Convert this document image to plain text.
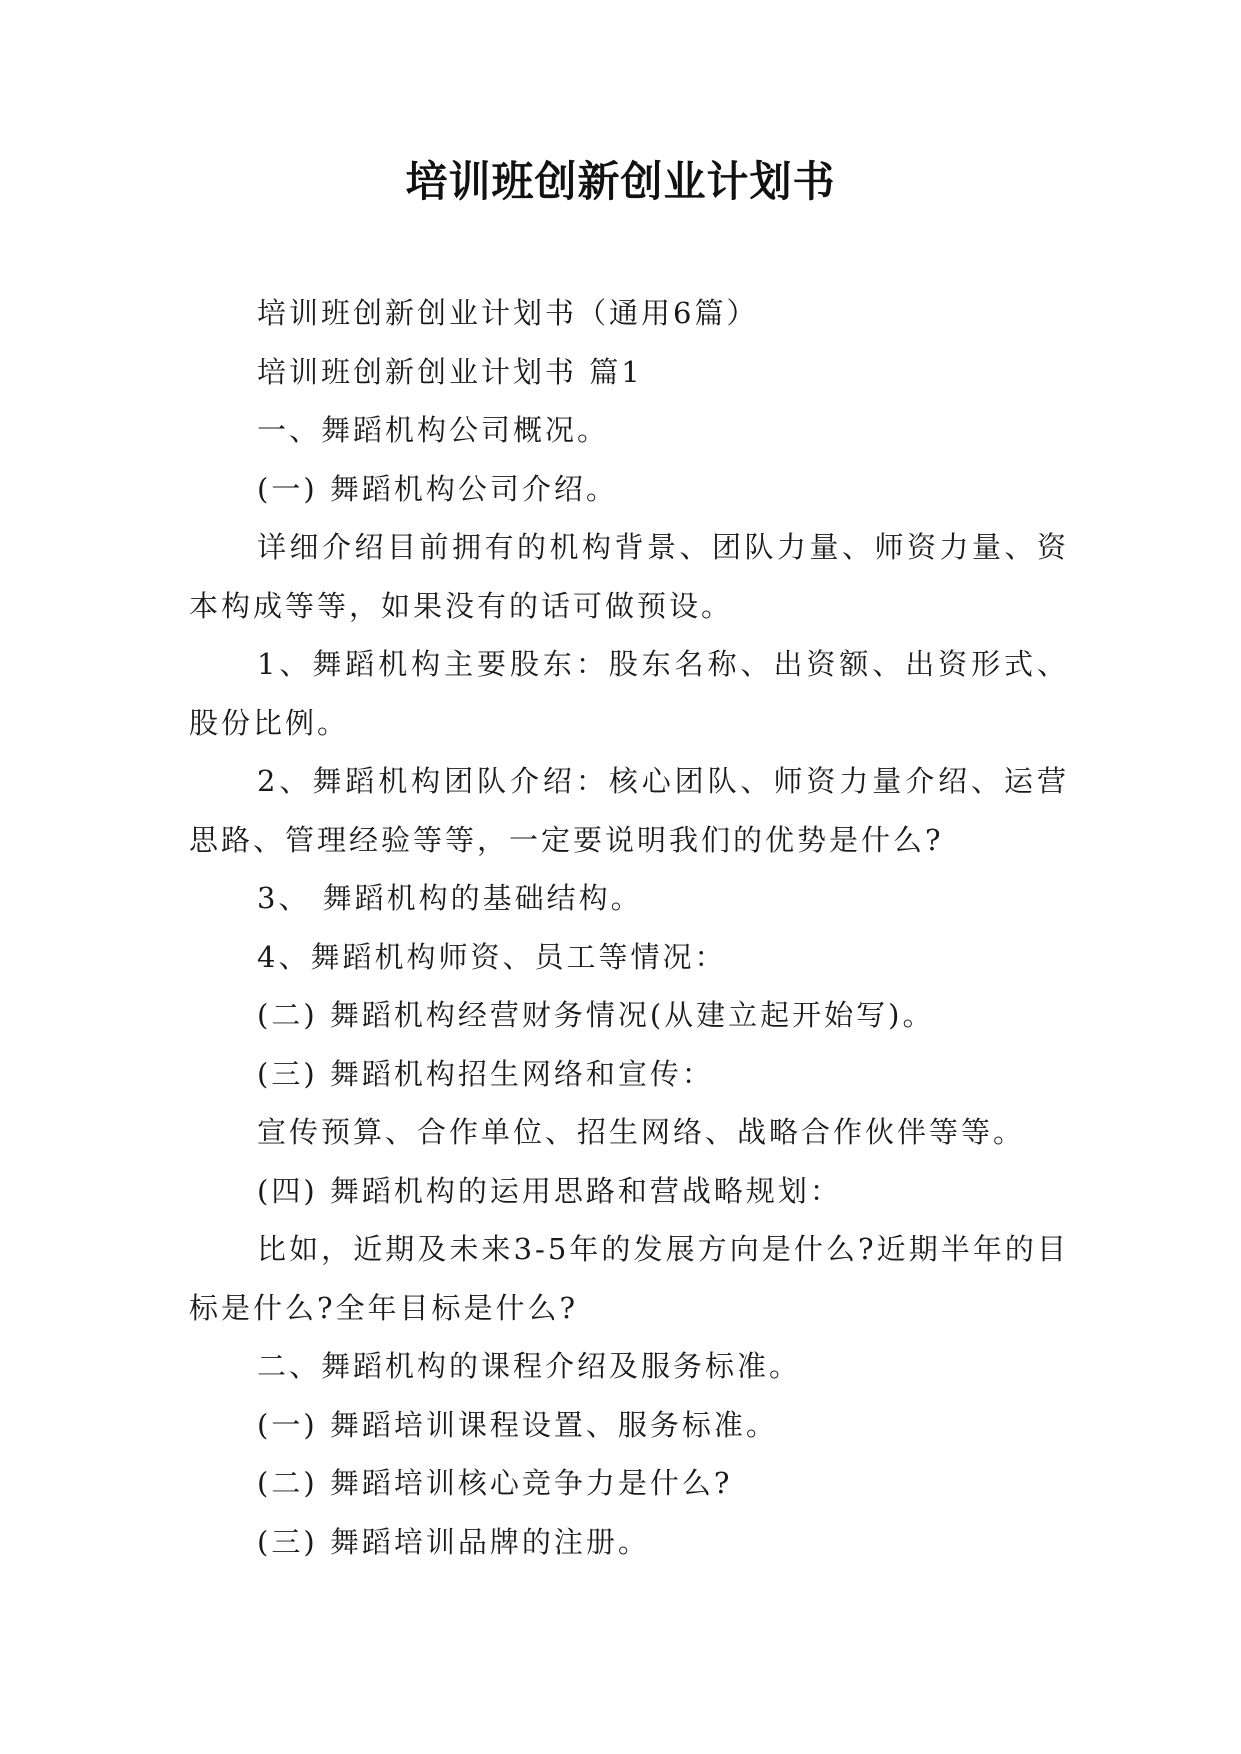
培训班创新创业计划书

培训班创新创业计划书（通用6篇）

培训班创新创业计划书 篇1

一、舞蹈机构公司概况。

(一) 舞蹈机构公司介绍。

详细介绍目前拥有的机构背景、团队力量、师资力量、资本构成等等，如果没有的话可做预设。

1、舞蹈机构主要股东：股东名称、出资额、出资形式、股份比例。

2、舞蹈机构团队介绍：核心团队、师资力量介绍、运营思路、管理经验等等，一定要说明我们的优势是什么?

3、 舞蹈机构的基础结构。

4、舞蹈机构师资、员工等情况：

(二) 舞蹈机构经营财务情况(从建立起开始写)。

(三) 舞蹈机构招生网络和宣传：

宣传预算、合作单位、招生网络、战略合作伙伴等等。

(四) 舞蹈机构的运用思路和营战略规划：

比如，近期及未来3-5年的发展方向是什么?近期半年的目标是什么?全年目标是什么?

二、舞蹈机构的课程介绍及服务标准。

(一) 舞蹈培训课程设置、服务标准。

(二) 舞蹈培训核心竞争力是什么?

(三) 舞蹈培训品牌的注册。
